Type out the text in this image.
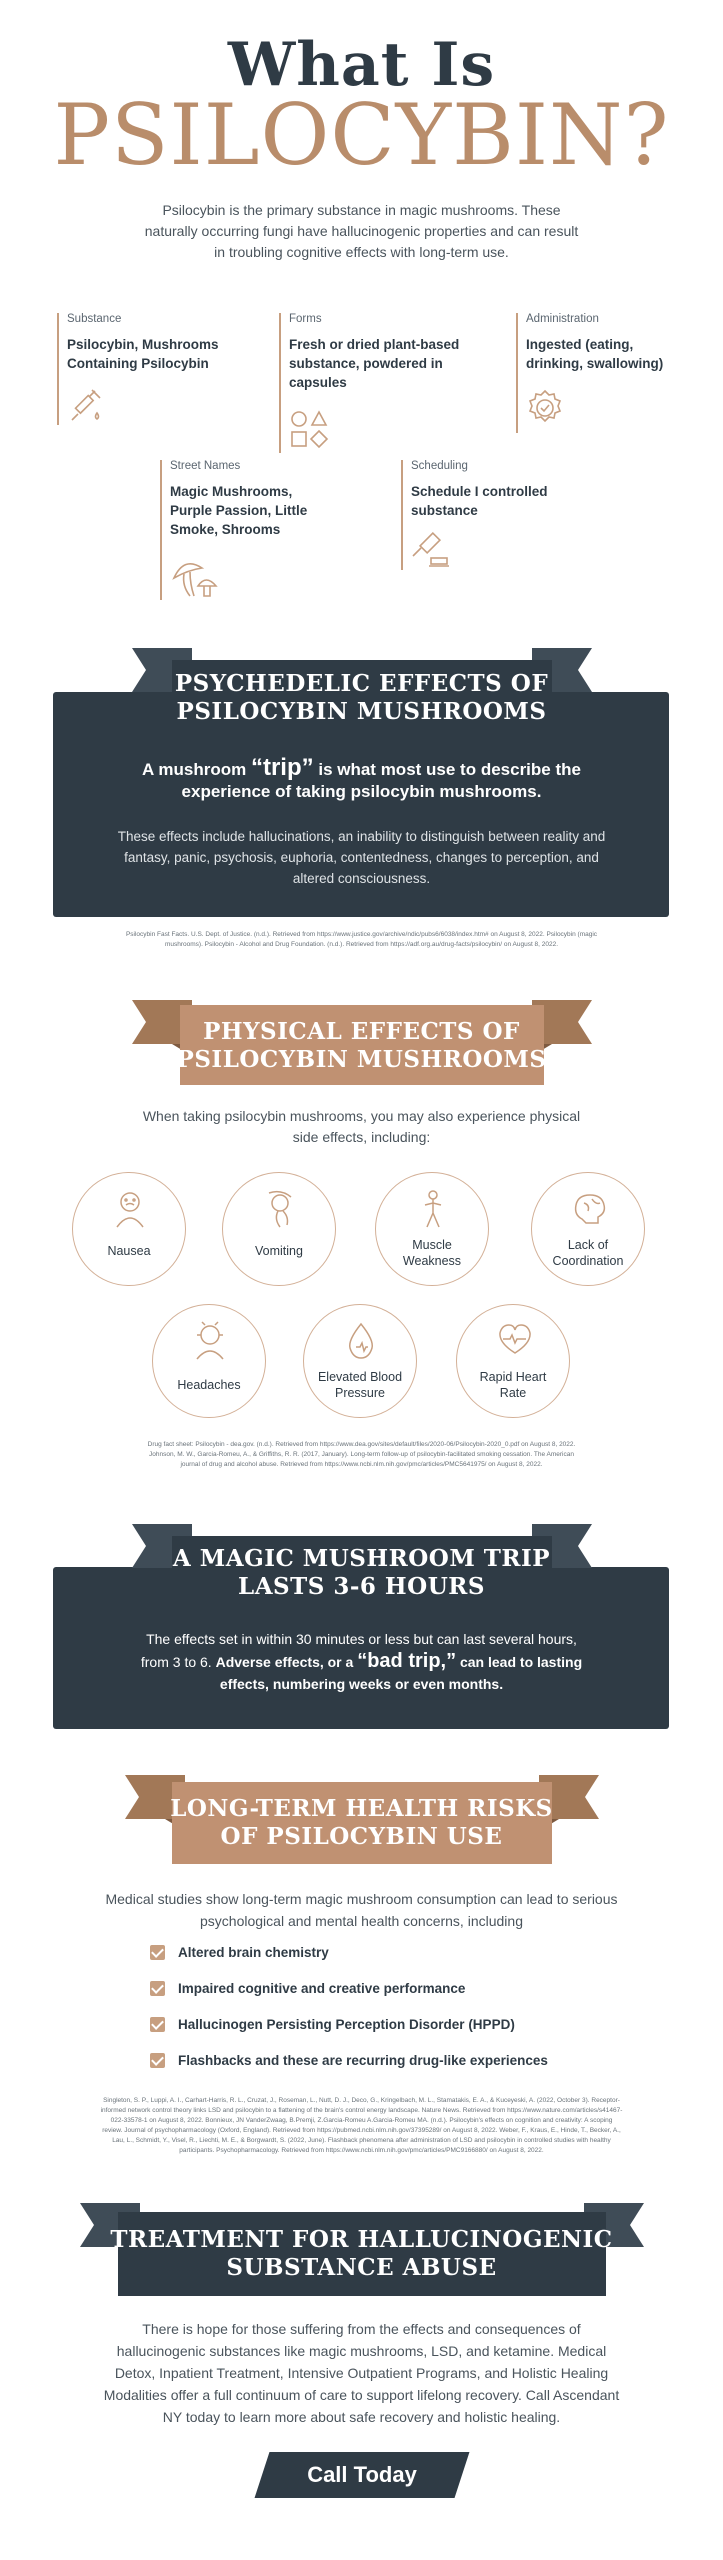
What Is
PSILOCYBIN?
Psilocybin is the primary substance in magic mushrooms. These naturally occurring fungi have hallucinogenic properties and can result in troubling cognitive effects with long-term use.
Substance
Psilocybin, Mushrooms Containing Psilocybin
Forms
Fresh or dried plant-based substance, powdered in capsules
Administration
Ingested (eating, drinking, swallowing)
Street Names
Magic Mushrooms, Purple Passion, Little Smoke, Shrooms
Scheduling
Schedule I controlled substance
PSYCHEDELIC EFFECTS OF
PSILOCYBIN MUSHROOMS
A mushroom “trip” is what most use to describe the
experience of taking psilocybin mushrooms.
These effects include hallucinations, an inability to distinguish between reality and fantasy, panic, psychosis, euphoria, contentedness, changes to perception, and altered consciousness.
Psilocybin Fast Facts. U.S. Dept. of Justice. (n.d.). Retrieved from https://www.justice.gov/archive/ndic/pubs6/6038/index.htm# on August 8, 2022. Psilocybin (magic mushrooms). Psilocybin - Alcohol and Drug Foundation. (n.d.). Retrieved from https://adf.org.au/drug-facts/psilocybin/ on August 8, 2022.
PHYSICAL EFFECTS OF
PSILOCYBIN MUSHROOMS
When taking psilocybin mushrooms, you may also experience physical side effects, including:
Nausea	Vomiting	Muscle Weakness
Lack of Coordination
Headaches
Elevated Blood Pressure
Rapid Heart Rate
Drug fact sheet: Psilocybin - dea.gov. (n.d.). Retrieved from https://www.dea.gov/sites/default/files/2020-06/Psilocybin-2020_0.pdf on August 8, 2022. Johnson, M. W., Garcia-Romeu, A., & Griffiths, R. R. (2017, January). Long-term follow-up of psilocybin-facilitated smoking cessation. The American journal of drug and alcohol abuse. Retrieved from https://www.ncbi.nlm.nih.gov/pmc/articles/PMC5641975/ on August 8, 2022.
A MAGIC MUSHROOM TRIP
LASTS 3-6 HOURS
The effects set in within 30 minutes or less but can last several hours,
from 3 to 6. Adverse effects, or a “bad trip,” can lead to lasting
effects, numbering weeks or even months.
LONG-TERM HEALTH RISKS
OF PSILOCYBIN USE
Medical studies show long-term magic mushroom consumption can lead to serious psychological and mental health concerns, including
Altered brain chemistry
Impaired cognitive and creative performance
Hallucinogen Persisting Perception Disorder (HPPD)
Flashbacks and these are recurring drug-like experiences
Singleton, S. P., Luppi, A. I., Carhart-Harris, R. L., Cruzat, J., Roseman, L., Nutt, D. J., Deco, G., Kringelbach, M. L., Stamatakis, E. A., & Kuceyeski, A. (2022, October 3). Receptor-informed network control theory links LSD and psilocybin to a flattening of the brain's control energy landscape. Nature News. Retrieved from https://www.nature.com/articles/s41467-022-33578-1 on August 8, 2022. Bonnieux, JN VanderZwaag, B.Premji, Z.Garcia-Romeu A.Garcia-Romeu MA. (n.d.). Psilocybin's effects on cognition and creativity: A scoping review. Journal of psychopharmacology (Oxford, England). Retrieved from https://pubmed.ncbi.nlm.nih.gov/37395289/ on August 8, 2022. Weber, F., Kraus, E., Hinde, T., Becker, A., Lau, L., Schmidt, Y., Visel, R., Liechti, M. E., & Borgwardt, S. (2022, June). Flashback phenomena after administration of LSD and psilocybin in controlled studies with healthy participants. Psychopharmacology. Retrieved from https://www.ncbi.nlm.nih.gov/pmc/articles/PMC9166880/ on August 8, 2022.
TREATMENT FOR HALLUCINOGENIC
SUBSTANCE ABUSE
There is hope for those suffering from the effects and consequences of hallucinogenic substances like magic mushrooms, LSD, and ketamine. Medical Detox, Inpatient Treatment, Intensive Outpatient Programs, and Holistic Healing Modalities offer a full continuum of care to support lifelong recovery. Call Ascendant NY today to learn more about safe recovery and holistic healing.
Call Today
